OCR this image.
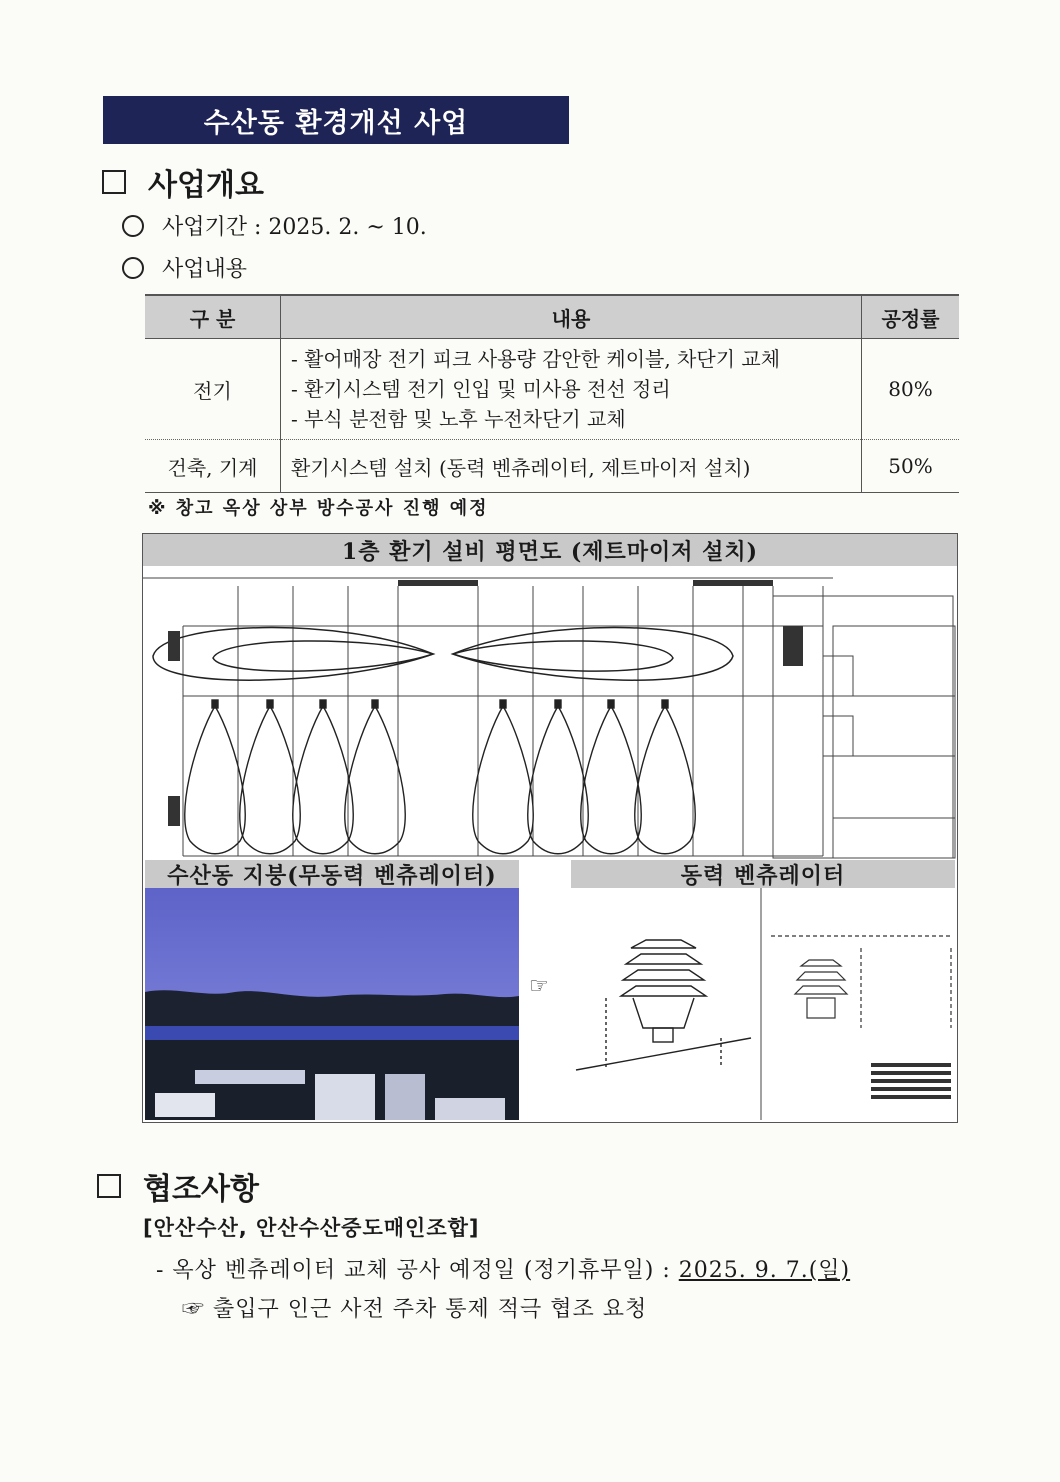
수산동 환경개선 사업
사업개요
사업기간 : 2025. 2. ~ 10.
사업내용
구 분	내용	공정률
전기	- 활어매장 전기 피크 사용량 감안한 케이블, 차단기 교체
- 환기시스템 전기 인입 및 미사용 전선 정리
- 부식 분전함 및 노후 누전차단기 교체	80%
건축, 기계	환기시스템 설치 (동력 벤츄레이터, 제트마이저 설치)	50%
※ 창고 옥상 상부 방수공사 진행 예정
1층 환기 설비 평면도 (제트마이저 설치)
수산동 지붕(무동력 벤츄레이터)	동력 벤츄레이터
☞
협조사항
[안산수산, 안산수산중도매인조합]
- 옥상 벤츄레이터 교체 공사 예정일 (정기휴무일) : 2025. 9. 7.(일)
☞ 출입구 인근 사전 주차 통제 적극 협조 요청
